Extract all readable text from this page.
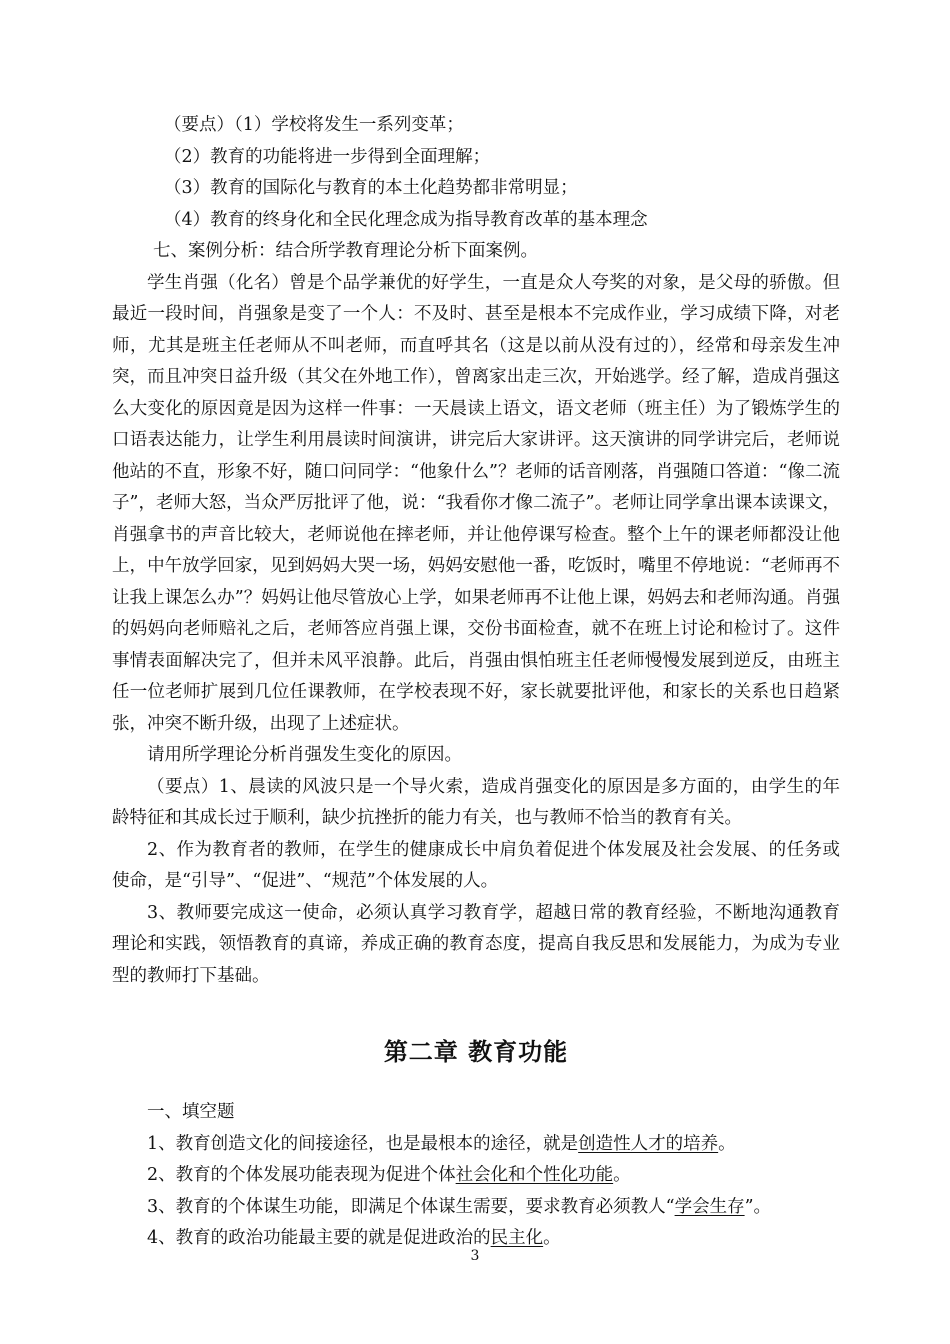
（要点）（1）学校将发生一系列变革；
（2）教育的功能将进一步得到全面理解；
（3）教育的国际化与教育的本土化趋势都非常明显；
（4）教育的终身化和全民化理念成为指导教育改革的基本理念
七、案例分析：结合所学教育理论分析下面案例。

学生肖强（化名）曾是个品学兼优的好学生，一直是众人夸奖的对象，是父母的骄傲。但最近一段时间，肖强象是变了一个人：不及时、甚至是根本不完成作业，学习成绩下降，对老师，尤其是班主任老师从不叫老师，而直呼其名（这是以前从没有过的），经常和母亲发生冲突，而且冲突日益升级（其父在外地工作），曾离家出走三次，开始逃学。经了解，造成肖强这么大变化的原因竟是因为这样一件事：一天晨读上语文，语文老师（班主任）为了锻炼学生的口语表达能力，让学生利用晨读时间演讲，讲完后大家讲评。这天演讲的同学讲完后，老师说他站的不直，形象不好，随口问同学：“他象什么”？老师的话音刚落，肖强随口答道：“像二流子”，老师大怒，当众严厉批评了他，说：“我看你才像二流子”。老师让同学拿出课本读课文，肖强拿书的声音比较大，老师说他在摔老师，并让他停课写检查。整个上午的课老师都没让他上，中午放学回家，见到妈妈大哭一场，妈妈安慰他一番，吃饭时，嘴里不停地说：“老师再不让我上课怎么办”？妈妈让他尽管放心上学，如果老师再不让他上课，妈妈去和老师沟通。肖强的妈妈向老师赔礼之后，老师答应肖强上课，交份书面检查，就不在班上讨论和检讨了。这件事情表面解决完了，但并未风平浪静。此后，肖强由惧怕班主任老师慢慢发展到逆反，由班主任一位老师扩展到几位任课教师，在学校表现不好，家长就要批评他，和家长的关系也日趋紧张，冲突不断升级，出现了上述症状。

请用所学理论分析肖强发生变化的原因。

（要点）1、晨读的风波只是一个导火索，造成肖强变化的原因是多方面的，由学生的年龄特征和其成长过于顺利，缺少抗挫折的能力有关，也与教师不恰当的教育有关。

2、作为教育者的教师，在学生的健康成长中肩负着促进个体发展及社会发展、的任务或使命，是“引导”、“促进”、“规范”个体发展的人。

3、教师要完成这一使命，必须认真学习教育学，超越日常的教育经验，不断地沟通教育理论和实践，领悟教育的真谛，养成正确的教育态度，提高自我反思和发展能力，为成为专业型的教师打下基础。

第二章 教育功能
一、填空题
1、教育创造文化的间接途径，也是最根本的途径，就是创造性人才的培养。
2、教育的个体发展功能表现为促进个体社会化和个性化功能。
3、教育的个体谋生功能，即满足个体谋生需要，要求教育必须教人“学会生存”。
4、教育的政治功能最主要的就是促进政治的民主化。
3
